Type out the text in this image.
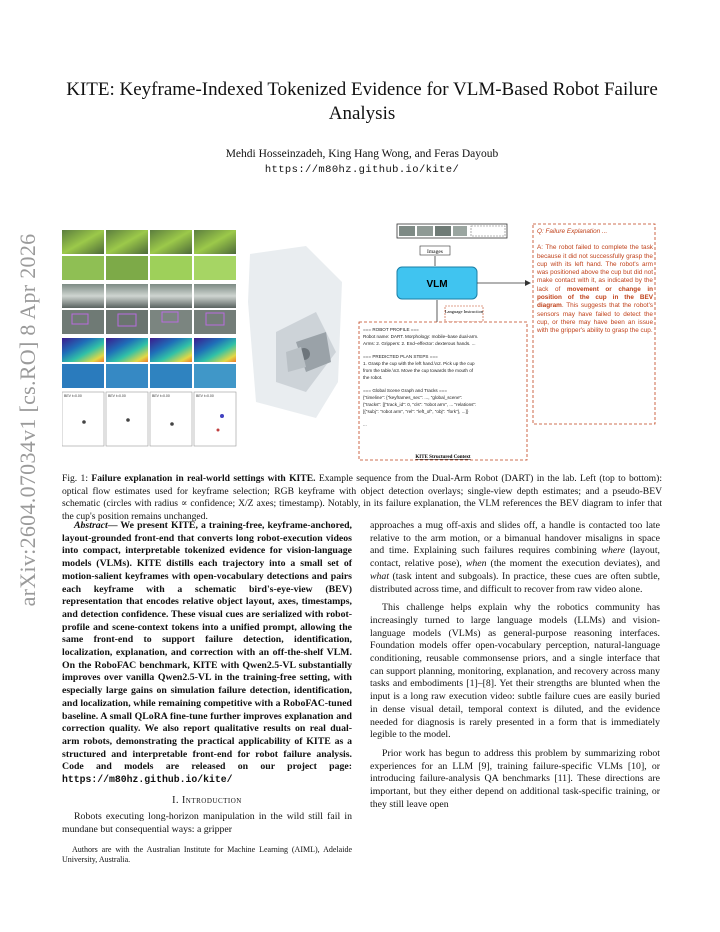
arXiv:2604.07034v1 [cs.RO] 8 Apr 2026
KITE: Keyframe-Indexed Tokenized Evidence for VLM-Based Robot Failure Analysis
Mehdi Hosseinzadeh, King Hang Wong, and Feras Dayoub
https://m80hz.github.io/kite/
BEV t=0.00	BEV t=0.00	BEV t=0.00	BEV t=0.00
Images
VLM
Language Instruction
KITE Structured Context
=== ROBOT PROFILE ===
Robot name: DART. Morphology: mobile–base dual-arm.
Arms: 2. Grippers: 2. End–effector: dexterous hands. ...
=== PREDICTED PLAN STEPS ===
1. Grasp the cup with the left hand.\n2. Pick up the cup
from the table.\n3. Move the cup towards the mouth of
the robot.
=== Global Scene Graph and Tracks ===
{"timeline": {"keyframes_sec": ..., "global_scene":
{"tracks": [{"track_id": 0, "cls": "robot arm", ... "relations":
[{"subj": "robot arm", "rel": "left_of", "obj": "fork"}, ...]}
...
Q: Failure Explanation ...
A: The robot failed to complete the task because it did not successfully grasp the cup with its left hand. The robot's arm was positioned above the cup but did not make contact with it, as indicated by the lack of movement or change in position of the cup in the BEV diagram. This suggests that the robot's sensors may have failed to detect the cup, or there may have been an issue with the gripper's ability to grasp the cup.
Fig. 1: Failure explanation in real-world settings with KITE. Example sequence from the Dual-Arm Robot (DART) in the lab. Left (top to bottom): optical flow estimates used for keyframe selection; RGB keyframe with object detection overlays; single-view depth estimates; and a pseudo-BEV schematic (circles with radius ∝ confidence; X/Z axes; timestamp). Notably, in its failure explanation, the VLM references the BEV diagram to infer that the cup's position remains unchanged.
Abstract— We present KITE, a training-free, keyframe-anchored, layout-grounded front-end that converts long robot-execution videos into compact, interpretable tokenized evidence for vision-language models (VLMs). KITE distills each trajectory into a small set of motion-salient keyframes with open-vocabulary detections and pairs each keyframe with a schematic bird's-eye-view (BEV) representation that encodes relative object layout, axes, timestamps, and detection confidence. These visual cues are serialized with robot-profile and scene-context tokens into a unified prompt, allowing the same front-end to support failure detection, identification, localization, explanation, and correction with an off-the-shelf VLM. On the RoboFAC benchmark, KITE with Qwen2.5-VL substantially improves over vanilla Qwen2.5-VL in the training-free setting, with especially large gains on simulation failure detection, identification, and localization, while remaining competitive with a RoboFAC-tuned baseline. A small QLoRA fine-tune further improves explanation and correction quality. We also report qualitative results on real dual-arm robots, demonstrating the practical applicability of KITE as a structured and interpretable front-end for robot failure analysis. Code and models are released on our project page: https://m80hz.github.io/kite/
I. Introduction
Robots executing long-horizon manipulation in the wild still fail in mundane but consequential ways: a gripper
Authors are with the Australian Institute for Machine Learning (AIML), Adelaide University, Australia.
approaches a mug off-axis and slides off, a handle is contacted too late relative to the arm motion, or a bimanual handover misaligns in space and time. Explaining such failures requires combining where (layout, contact, relative pose), when (the moment the execution deviates), and what (task intent and subgoals). In practice, these cues are often subtle, distributed across time, and difficult to recover from raw video alone.
This challenge helps explain why the robotics community has increasingly turned to large language models (LLMs) and vision-language models (VLMs) as general-purpose reasoning interfaces. Foundation models offer open-vocabulary perception, natural-language conditioning, reusable commonsense priors, and a single interface that can support planning, monitoring, explanation, and recovery across many tasks and embodiments [1]–[8]. Yet their strengths are blunted when the input is a long raw execution video: subtle failure cues are easily buried in dense visual detail, temporal context is diluted, and the evidence needed for diagnosis is rarely presented in a form that is immediately legible to the model.
Prior work has begun to address this problem by summarizing robot experiences for an LLM [9], training failure-specific VLMs [10], or introducing failure-analysis QA benchmarks [11]. These directions are important, but they either depend on additional task-specific training, or they still leave open
